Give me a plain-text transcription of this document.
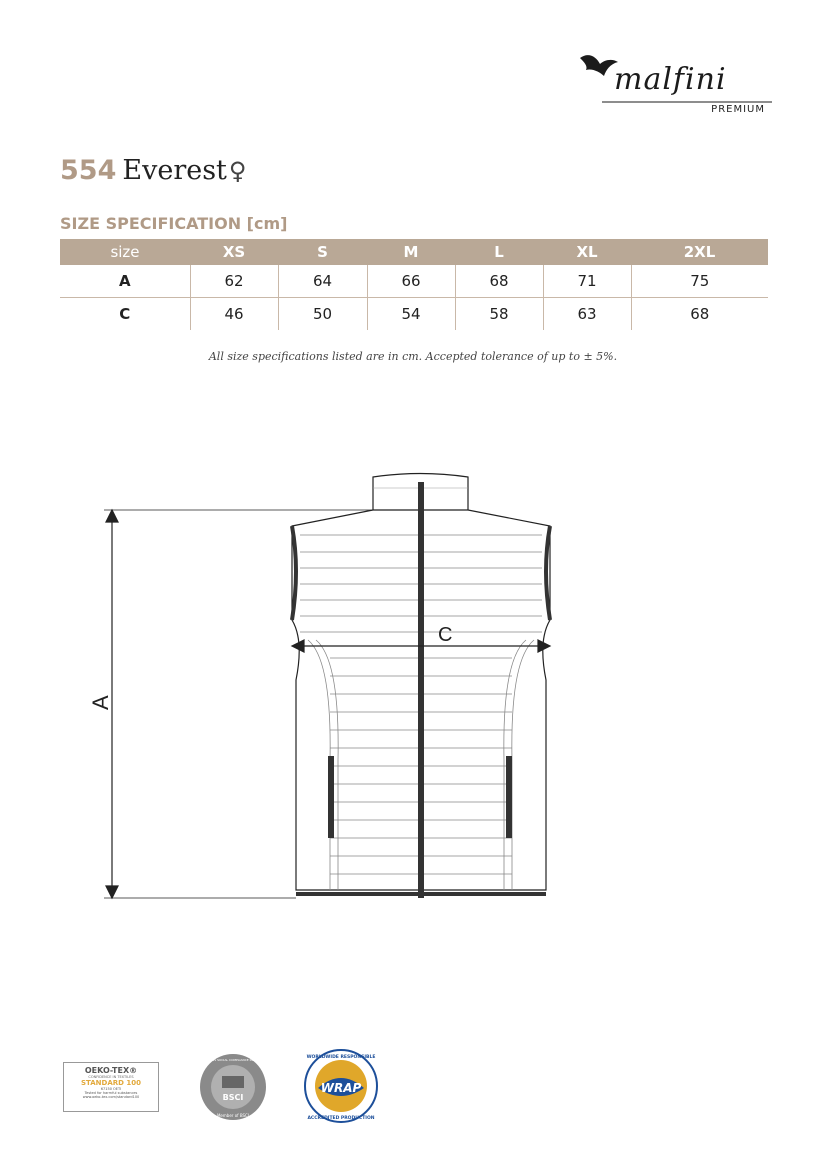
malfini
PREMIUM
554 Everest♀
SIZE SPECIFICATION [cm]
size	XS	S	M	L	XL	2XL
A	62	64	66	68	71	75
C	46	50	54	58	63	68
All size specifications listed are in cm. Accepted tolerance of up to ± 5%.
A
C
OEKO-TEX®
CONFIDENCE IN TEXTILES
STANDARD 100
67150 OETI
Tested for harmful substances
www.oeko-tex.com/standard100	BSCI
BUSINESS SOCIAL COMPLIANCE INITIATIVE
Member of BSCI
WRAP
WORLDWIDE RESPONSIBLE
ACCREDITED PRODUCTION
